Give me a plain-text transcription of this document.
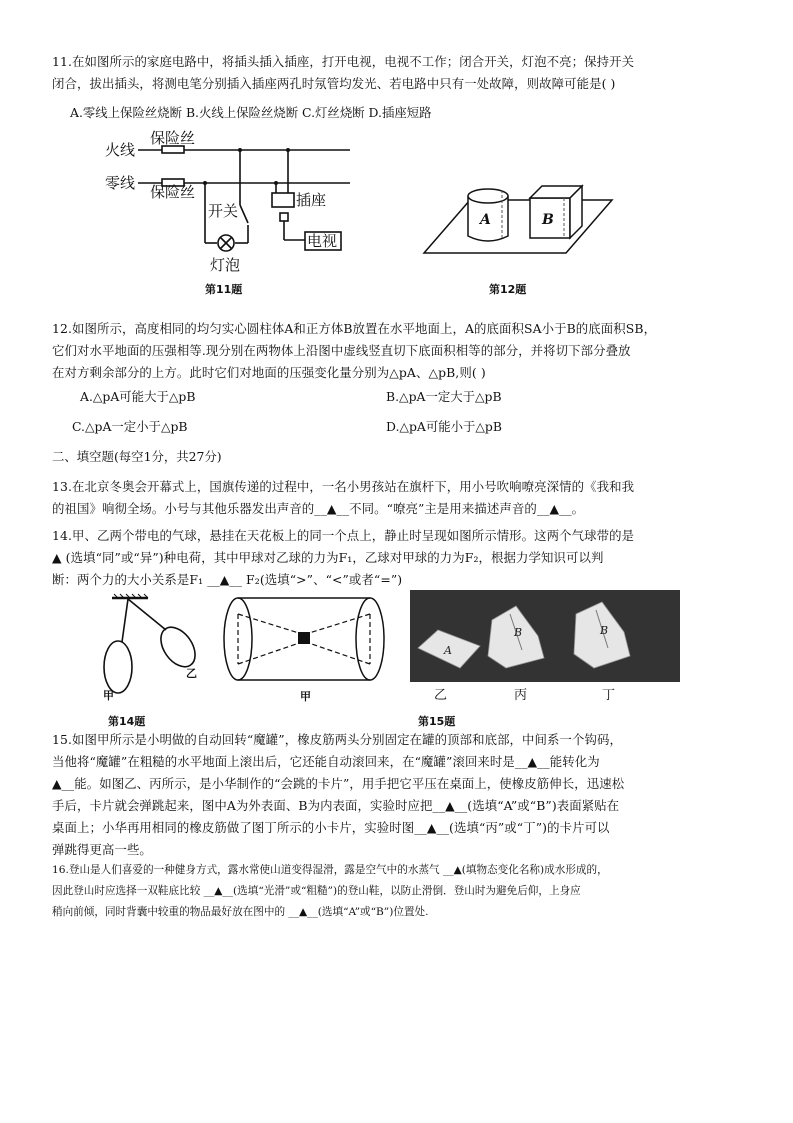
11.在如图所示的家庭电路中，将插头插入插座，打开电视，电视不工作；闭合开关，灯泡不亮；保持开关

闭合，拔出插头，将测电笔分别插入插座两孔时氖管均发光、若电路中只有一处故障，则故障可能是( )

A.零线上保险丝烧断 B.火线上保险丝烧断 C.灯丝烧断 D.插座短路
火线
零线
保险丝
保险丝
开关
插座
灯泡
电视
第11题
A	B
第12题

12.如图所示，高度相同的均匀实心圆柱体A和正方体B放置在水平地面上，A的底面积SA小于B的底面积SB，

它们对水平地面的压强相等.现分别在两物体上沿图中虚线竖直切下底面积相等的部分，并将切下部分叠放

在对方剩余部分的上方。此时它们对地面的压强变化量分别为△pA、△pB,则( )

A.△pA可能大于△pB	B.△pA一定大于△pB
C.△pA一定小于△pB	D.△pA可能小于△pB
二、填空题(每空1分，共27分)

13.在北京冬奥会开幕式上，国旗传递的过程中，一名小男孩站在旗杆下，用小号吹响嘹亮深情的《我和我

的祖国》响彻全场。小号与其他乐器发出声音的__▲__不同。“嘹亮”主是用来描述声音的__▲__。

14.甲、乙两个带电的气球，悬挂在天花板上的同一个点上，静止时呈现如图所示情形。这两个气球带的是

▲ (选填“同”或“异”)种电荷，其中甲球对乙球的力为F₁，乙球对甲球的力为F₂，根据力学知识可以判

断：两个力的大小关系是F₁ __▲__ F₂(选填“>”、“<”或者“=”)

甲
乙
甲
A
B	B
乙	丙	丁
第14题	第15题

15.如图甲所示是小明做的自动回转“魔罐”，橡皮筋两头分别固定在罐的顶部和底部，中间系一个钩码，

当他将“魔罐”在粗糙的水平地面上滚出后，它还能自动滚回来，在“魔罐”滚回来时是__▲__能转化为

▲__能。如图乙、丙所示，是小华制作的“会跳的卡片”，用手把它平压在桌面上，使橡皮筋伸长，迅速松

手后，卡片就会弹跳起来，图中A为外表面、B为内表面，实验时应把__▲__(选填“A”或“B”)表面紧贴在

桌面上；小华再用相同的橡皮筋做了图丁所示的小卡片，实验时图__▲__(选填“丙”或“丁”)的卡片可以

弹跳得更高一些。

16.登山是人们喜爱的一种健身方式，露水常使山道变得湿滑，露是空气中的水蒸气 __▲(填物态变化名称)成水形成的，

因此登山时应选择一双鞋底比较 __▲__(选填“光滑”或“粗糙”)的登山鞋，以防止滑倒．登山时为避免后仰，上身应

稍向前倾，同时背囊中较重的物品最好放在图中的 __▲__(选填“A”或“B”)位置处.
